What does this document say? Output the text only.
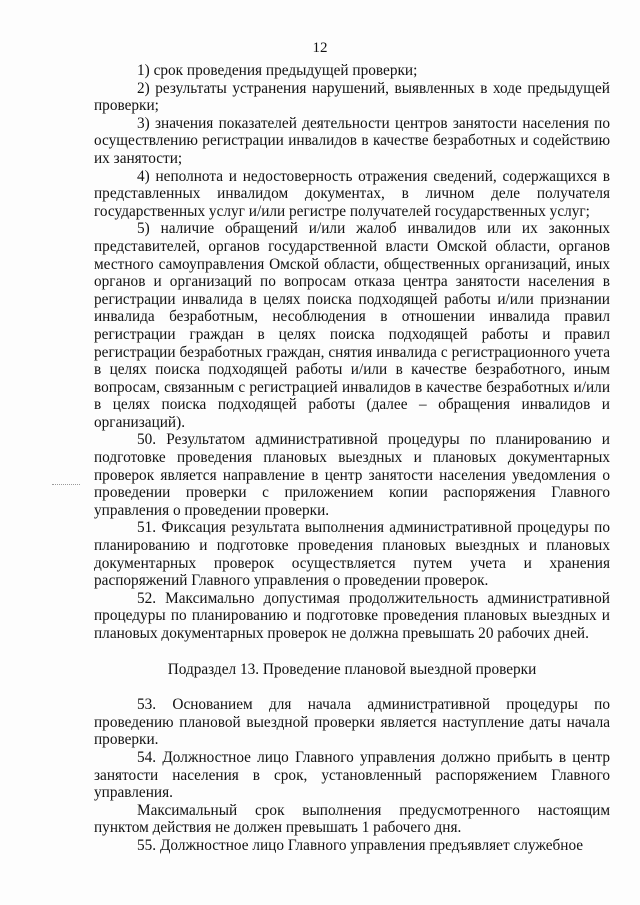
12

1) срок проведения предыдущей проверки;

2) результаты устранения нарушений, выявленных в ходе предыдущей проверки;

3) значения показателей деятельности центров занятости населения по осуществлению регистрации инвалидов в качестве безработных и содействию их занятости;

4) неполнота и недостоверность отражения сведений, содержащихся в представленных инвалидом документах, в личном деле получателя государственных услуг и/или регистре получателей государственных услуг;

5) наличие обращений и/или жалоб инвалидов или их законных представителей, органов государственной власти Омской области, органов местного самоуправления Омской области, общественных организаций, иных органов и организаций по вопросам отказа центра занятости населения в регистрации инвалида в целях поиска подходящей работы и/или признании инвалида безработным, несоблюдения в отношении инвалида правил регистрации граждан в целях поиска подходящей работы и правил регистрации безработных граждан, снятия инвалида с регистрационного учета в целях поиска подходящей работы и/или в качестве безработного, иным вопросам, связанным с регистрацией инвалидов в качестве безработных и/или в целях поиска подходящей работы (далее – обращения инвалидов и организаций).

50. Результатом административной процедуры по планированию и подготовке проведения плановых выездных и плановых документарных проверок является направление в центр занятости населения уведомления о проведении проверки с приложением копии распоряжения Главного управления о проведении проверки.

51. Фиксация результата выполнения административной процедуры по планированию и подготовке проведения плановых выездных и плановых документарных проверок осуществляется путем учета и хранения распоряжений Главного управления о проведении проверок.

52. Максимально допустимая продолжительность административной процедуры по планированию и подготовке проведения плановых выездных и плановых документарных проверок не должна превышать 20 рабочих дней.

Подраздел 13. Проведение плановой выездной проверки

53. Основанием для начала административной процедуры по проведению плановой выездной проверки является наступление даты начала проверки.

54. Должностное лицо Главного управления должно прибыть в центр занятости населения в срок, установленный распоряжением Главного управления.

Максимальный срок выполнения предусмотренного настоящим пунктом действия не должен превышать 1 рабочего дня.

55. Должностное лицо Главного управления предъявляет служебное
